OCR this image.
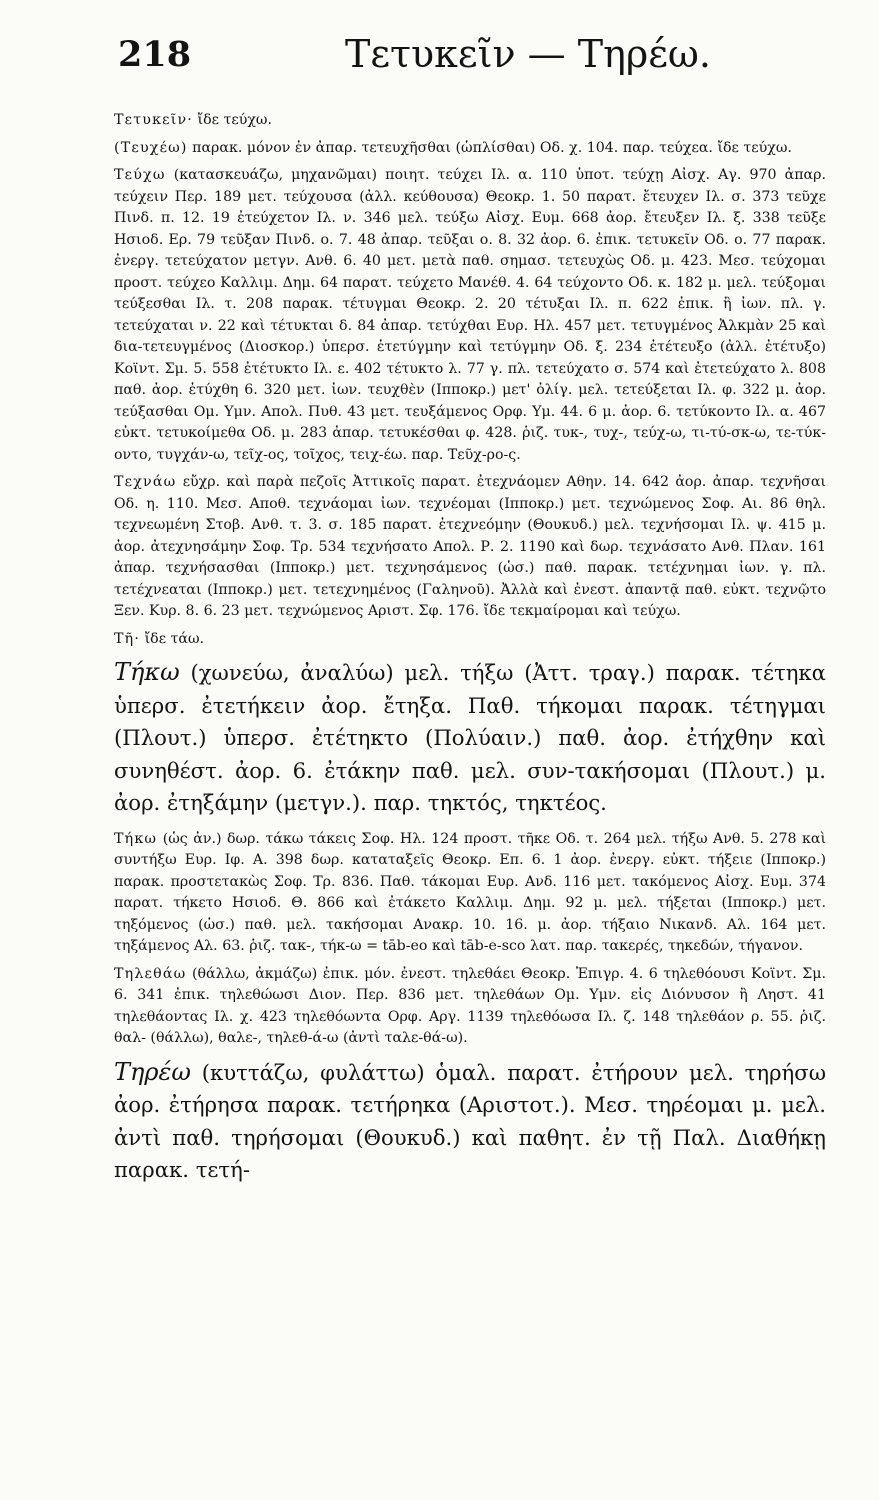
218	Τετυκεῖν — Τηρέω.

Τετυκεῖν· ἴδε τεύχω.

(Τευχέω) παρακ. μόνον ἐν ἀπαρ. τετευχῆσθαι (ὡπλίσθαι) Οδ. χ. 104. παρ. τεύχεα. ἴδε τεύχω.

Τεύχω (κατασκευάζω, μηχανῶμαι) ποιητ. τεύχει Ιλ. α. 110 ὑποτ. τεύχῃ Αἰσχ. Αγ. 970 ἀπαρ. τεύχειν Περ. 189 μετ. τεύχουσα (ἀλλ. κεύθουσα) Θεοκρ. 1. 50 παρατ. ἔτευχεν Ιλ. σ. 373 τεῦχε Πινδ. π. 12. 19 ἐτεύχετον Ιλ. ν. 346 μελ. τεύξω Αἰσχ. Ευμ. 668 ἀορ. ἔτευξεν Ιλ. ξ. 338 τεῦξε Ησιοδ. Ερ. 79 τεῦξαν Πινδ. ο. 7. 48 ἀπαρ. τεῦξαι ο. 8. 32 ἀορ. 6. ἐπικ. τετυκεῖν Οδ. ο. 77 παρακ. ἐνεργ. τετεύχατον μετγν. Ανθ. 6. 40 μετ. μετὰ παθ. σημασ. τετευχὼς Οδ. μ. 423. Μεσ. τεύχομαι προστ. τεύχεο Καλλιμ. Δημ. 64 παρατ. τεύχετο Μανέθ. 4. 64 τεύχοντο Οδ. κ. 182 μ. μελ. τεύξομαι τεύξεσθαι Ιλ. τ. 208 παρακ. τέτυγμαι Θεοκρ. 2. 20 τέτυξαι Ιλ. π. 622 ἐπικ. ἢ ἰων. πλ. γ. τετεύχαται ν. 22 καὶ τέτυκται δ. 84 ἀπαρ. τετύχθαι Ευρ. Ηλ. 457 μετ. τετυγμένος Ἀλκμὰν 25 καὶ δια-τετευγμένος (Διοσκορ.) ὑπερσ. ἐτετύγμην καὶ τετύγμην Οδ. ξ. 234 ἐτέτευξο (ἀλλ. ἐτέτυξο) Κοϊντ. Σμ. 5. 558 ἐτέτυκτο Ιλ. ε. 402 τέτυκτο λ. 77 γ. πλ. τετεύχατο σ. 574 καὶ ἐτετεύχατο λ. 808 παθ. ἀορ. ἐτύχθη 6. 320 μετ. ἰων. τευχθὲν (Ιπποκρ.) μετ' ὀλίγ. μελ. τετεύξεται Ιλ. φ. 322 μ. ἀορ. τεύξασθαι Ομ. Υμν. Απολ. Πυθ. 43 μετ. τευξάμενος Ορφ. Υμ. 44. 6 μ. ἀορ. 6. τετύκοντο Ιλ. α. 467 εὐκτ. τετυκοίμεθα Οδ. μ. 283 ἀπαρ. τετυκέσθαι φ. 428. ῥιζ. τυκ-, τυχ-, τεύχ-ω, τι-τύ-σκ-ω, τε-τύκ-οντο, τυγχάν-ω, τεῖχ-ος, τοῖχος, τειχ-έω. παρ. Τεῦχ-ρο-ς.

Τεχνάω εὔχρ. καὶ παρὰ πεζοῖς Ἀττικοῖς παρατ. ἐτεχνάομεν Αθην. 14. 642 ἀορ. ἀπαρ. τεχνῆσαι Οδ. η. 110. Μεσ. Αποθ. τεχνάομαι ἰων. τεχνέομαι (Ιπποκρ.) μετ. τεχνώμενος Σοφ. Αι. 86 θηλ. τεχνεωμένη Στοβ. Ανθ. τ. 3. σ. 185 παρατ. ἐτεχνεόμην (Θουκυδ.) μελ. τεχνήσομαι Ιλ. ψ. 415 μ. ἀορ. ἀτεχνησάμην Σοφ. Τρ. 534 τεχνήσατο Απολ. Ρ. 2. 1190 καὶ δωρ. τεχνάσατο Ανθ. Πλαν. 161 ἀπαρ. τεχνήσασθαι (Ιπποκρ.) μετ. τεχνησάμενος (ὡσ.) παθ. παρακ. τετέχνημαι ἰων. γ. πλ. τετέχνεαται (Ιπποκρ.) μετ. τετεχνημένος (Γαληνοῦ). Ἀλλὰ καὶ ἐνεστ. ἀπαντᾷ παθ. εὐκτ. τεχνῷτο Ξεν. Κυρ. 8. 6. 23 μετ. τεχνώμενος Αριστ. Σφ. 176. ἴδε τεκμαίρομαι καὶ τεύχω.

Τῆ· ἴδε τάω.

Τήκω (χωνεύω, ἀναλύω) μελ. τήξω (Ἀττ. τραγ.) παρακ. τέτηκα ὑπερσ. ἐτετήκειν ἀορ. ἔτηξα. Παθ. τήκομαι παρακ. τέτηγμαι (Πλουτ.) ὑπερσ. ἐτέτηκτο (Πολύαιν.) παθ. ἀορ. ἐτήχθην καὶ συνηθέστ. ἀορ. 6. ἐτάκην παθ. μελ. συν-τακήσομαι (Πλουτ.) μ. ἀορ. ἐτηξάμην (μετγν.). παρ. τηκτός, τηκτέος.

Τήκω (ὡς ἀν.) δωρ. τάκω τάκεις Σοφ. Ηλ. 124 προστ. τῆκε Οδ. τ. 264 μελ. τήξω Ανθ. 5. 278 καὶ συντήξω Ευρ. Ιφ. Α. 398 δωρ. καταταξεῖς Θεοκρ. Επ. 6. 1 ἀορ. ἐνεργ. εὐκτ. τήξειε (Ιπποκρ.) παρακ. προστετακὼς Σοφ. Τρ. 836. Παθ. τάκομαι Ευρ. Ανδ. 116 μετ. τακόμενος Αἰσχ. Ευμ. 374 παρατ. τήκετο Ησιοδ. Θ. 866 καὶ ἐτάκετο Καλλιμ. Δημ. 92 μ. μελ. τήξεται (Ιπποκρ.) μετ. τηξόμενος (ὡσ.) παθ. μελ. τακήσομαι Ανακρ. 10. 16. μ. ἀορ. τήξαιο Νικανδ. Αλ. 164 μετ. τηξάμενος Αλ. 63. ῥιζ. τακ-, τήκ-ω = tāb-eo καὶ tāb-e-sco λατ. παρ. τακερές, τηκεδών, τήγανον.

Τηλεθάω (θάλλω, ἀκμάζω) ἐπικ. μόν. ἐνεστ. τηλεθάει Θεοκρ. Ἐπιγρ. 4. 6 τηλεθόουσι Κοϊντ. Σμ. 6. 341 ἐπικ. τηλεθώωσι Διον. Περ. 836 μετ. τηλεθάων Ομ. Υμν. εἰς Διόνυσον ἢ Ληστ. 41 τηλεθάοντας Ιλ. χ. 423 τηλεθόωντα Ορφ. Αργ. 1139 τηλεθόωσα Ιλ. ζ. 148 τηλεθάον ρ. 55. ῥιζ. θαλ- (θάλλω), θαλε-, τηλεθ-ά-ω (ἀντὶ ταλε-θά-ω).

Τηρέω (κυττάζω, φυλάττω) ὁμαλ. παρατ. ἐτήρουν μελ. τηρήσω ἀορ. ἐτήρησα παρακ. τετήρηκα (Αριστοτ.). Μεσ. τηρέομαι μ. μελ. ἀντὶ παθ. τηρήσομαι (Θουκυδ.) καὶ παθητ. ἐν τῇ Παλ. Διαθήκῃ παρακ. τετή-
